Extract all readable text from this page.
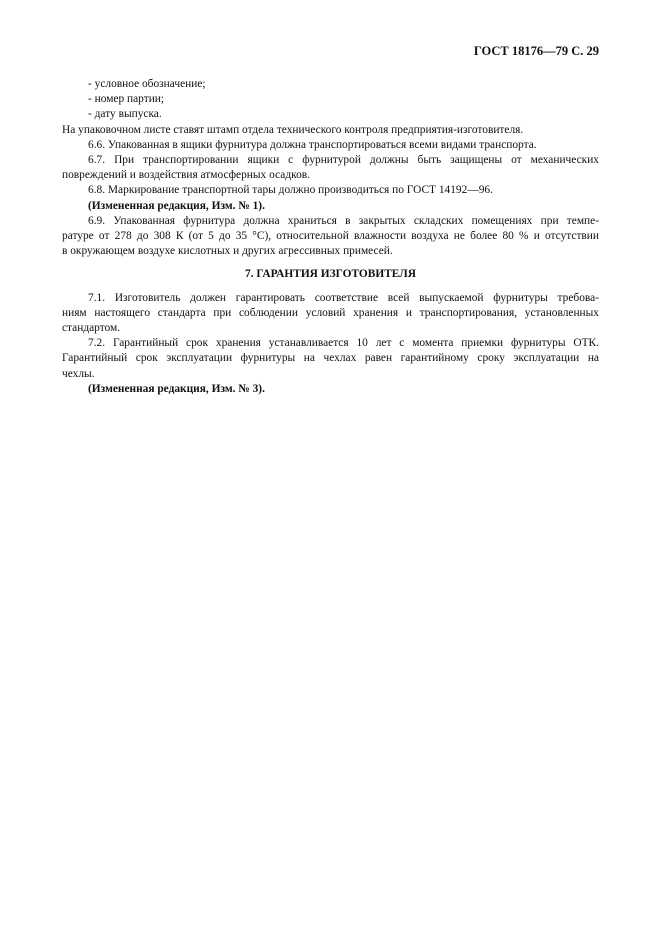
ГОСТ 18176—79 С. 29
- условное обозначение;
- номер партии;
- дату выпуска.
На упаковочном листе ставят штамп отдела технического контроля предприятия-изготовителя.
6.6. Упакованная в ящики фурнитура должна транспортироваться всеми видами транспорта.
6.7. При транспортировании ящики с фурнитурой должны быть защищены от механических
повреждений и воздействия атмосферных осадков.
6.8. Маркирование транспортной тары должно производиться по ГОСТ 14192—96.
(Измененная редакция, Изм. № 1).
6.9. Упакованная фурнитура должна храниться в закрытых складских помещениях при темпе-
ратуре от 278 до 308 К (от 5 до 35 °С), относительной влажности воздуха не более 80 % и отсутствии
в окружающем воздухе кислотных и других агрессивных примесей.
7. ГАРАНТИЯ ИЗГОТОВИТЕЛЯ
7.1. Изготовитель должен гарантировать соответствие всей выпускаемой фурнитуры требова-
ниям настоящего стандарта при соблюдении условий хранения и транспортирования, установленных
стандартом.
7.2. Гарантийный срок хранения устанавливается 10 лет с момента приемки фурнитуры ОТК.
Гарантийный срок эксплуатации фурнитуры на чехлах равен гарантийному сроку эксплуатации на
чехлы.
(Измененная редакция, Изм. № 3).
